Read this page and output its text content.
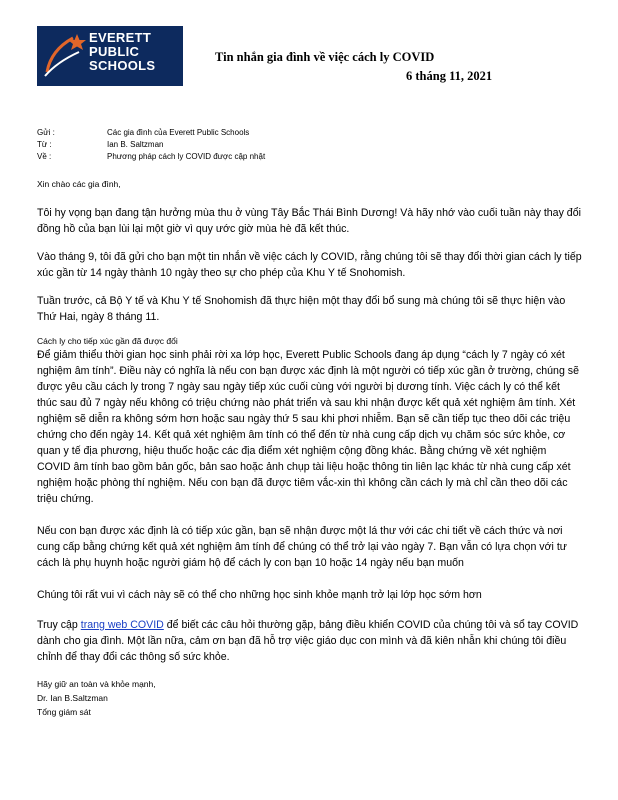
EVERETT
PUBLIC
SCHOOLS
Tin nhắn gia đình về việc cách ly COVID
6 tháng 11, 2021
Gửi :	Các gia đình của Everett Public Schools
Từ :	Ian B. Saltzman
Về :	Phương pháp cách ly COVID được cập nhật

Xin chào các gia đình,

Tôi hy vọng bạn đang tận hưởng mùa thu ở vùng Tây Bắc Thái Bình Dương! Và hãy nhớ vào cuối tuần này thay đổi đồng hồ của bạn lùi lại một giờ vì quy ước giờ mùa hè đã kết thúc.

Vào tháng 9, tôi đã gửi cho bạn một tin nhắn về việc cách ly COVID, rằng chúng tôi sẽ thay đổi thời gian cách ly tiếp xúc gần từ 14 ngày thành 10 ngày theo sự cho phép của Khu Y tế Snohomish.

Tuần trước, cả Bộ Y tế và Khu Y tế Snohomish đã thực hiện một thay đổi bổ sung mà chúng tôi sẽ thực hiện vào Thứ Hai, ngày 8 tháng 11.

Cách ly cho tiếp xúc gần đã được đổi

Để giảm thiểu thời gian học sinh phải rời xa lớp học, Everett Public Schools đang áp dụng “cách ly 7 ngày có xét nghiệm âm tính”. Điều này có nghĩa là nếu con bạn được xác định là một người có tiếp xúc gần ở trường, chúng sẽ được yêu cầu cách ly trong 7 ngày sau ngày tiếp xúc cuối cùng với người bị dương tính. Việc cách ly có thể kết thúc sau đủ 7 ngày nếu không có triệu chứng nào phát triển và sau khi nhận được kết quả xét nghiệm âm tính. Xét nghiệm sẽ diễn ra không sớm hơn hoặc sau ngày thứ 5 sau khi phơi nhiễm. Bạn sẽ cần tiếp tục theo dõi các triệu chứng cho đến ngày 14. Kết quả xét nghiệm âm tính có thể đến từ nhà cung cấp dịch vụ chăm sóc sức khỏe, cơ quan y tế địa phương, hiệu thuốc hoặc các địa điểm xét nghiệm cộng đồng khác. Bằng chứng về xét nghiệm COVID âm tính bao gồm bản gốc, bản sao hoặc ảnh chụp tài liệu hoặc thông tin liên lạc khác từ nhà cung cấp xét nghiệm hoặc phòng thí nghiệm. Nếu con bạn đã được tiêm vắc-xin thì không cần cách ly mà chỉ cần theo dõi các triệu chứng.

Nếu con bạn được xác định là có tiếp xúc gần, bạn sẽ nhận được một lá thư với các chi tiết về cách thức và nơi cung cấp bằng chứng kết quả xét nghiệm âm tính để chúng có thể trở lại vào ngày 7. Bạn vẫn có lựa chọn với tư cách là phụ huynh hoặc người giám hộ để cách ly con bạn 10 hoặc 14 ngày nếu bạn muốn

Chúng tôi rất vui vì cách này sẽ có thể cho những học sinh khỏe mạnh trở lại lớp học sớm hơn

Truy cập trang web COVID để biết các câu hỏi thường gặp, bảng điều khiển COVID của chúng tôi và sổ tay COVID dành cho gia đình. Một lần nữa, cảm ơn bạn đã hỗ trợ việc giáo dục con mình và đã kiên nhẫn khi chúng tôi điều chỉnh để thay đổi các thông số sức khỏe.

Hãy giữ an toàn và khỏe mạnh,

Dr. Ian B.Saltzman

Tổng giám sát
